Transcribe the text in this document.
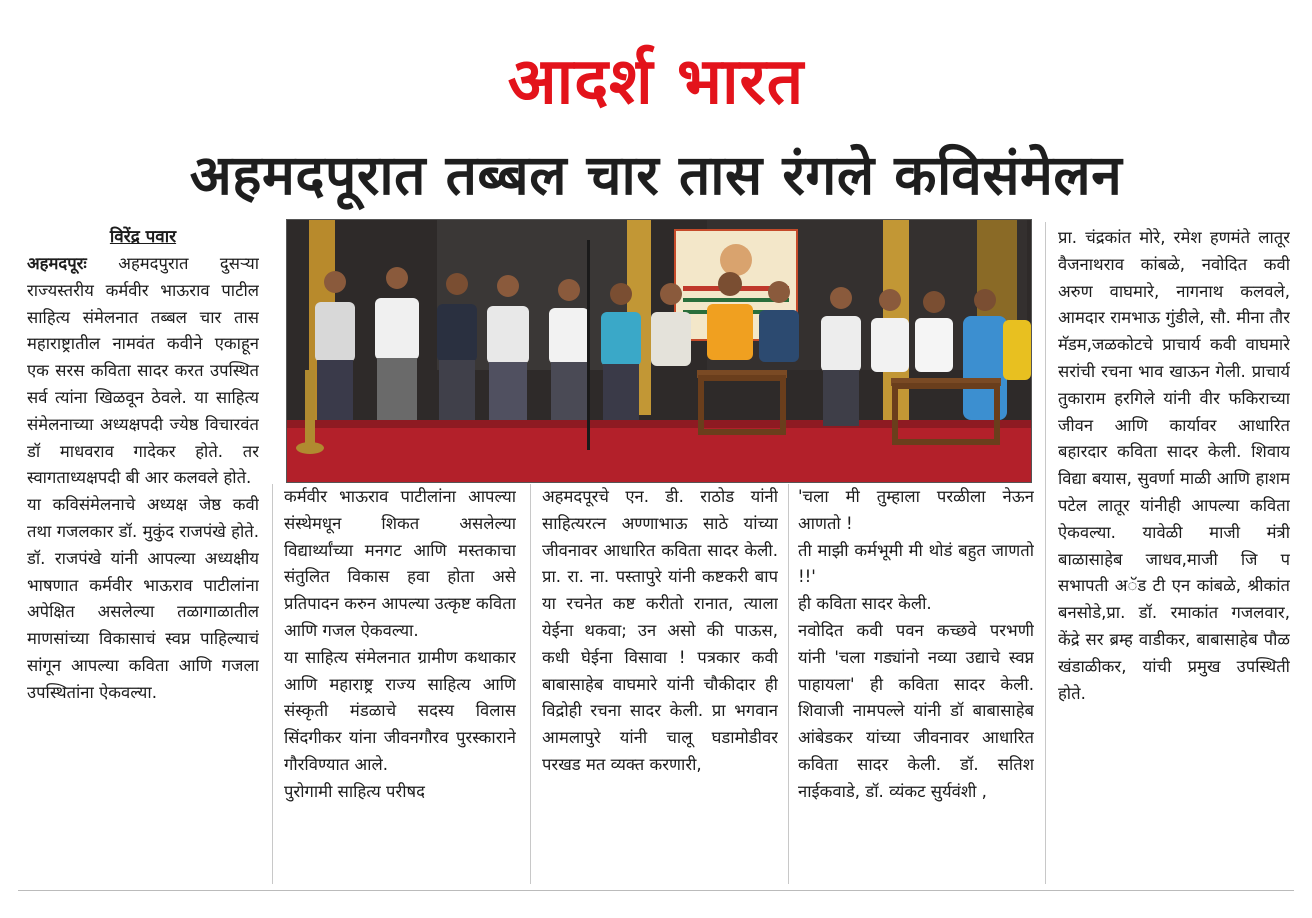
आदर्श भारत
अहमदपूरात तब्बल चार तास रंगले कविसंमेलन

विरेंद्र पवार

अहमदपूरः अहमदपुरात दुसऱ्या राज्यस्तरीय कर्मवीर भाऊराव पाटील साहित्य संमेलनात तब्बल चार तास महाराष्ट्रातील नामवंत कवीने एकाहून एक सरस कविता सादर करत उपस्थित सर्व त्यांना खिळवून ठेवले. या साहित्य संमेलनाच्या अध्यक्षपदी ज्येष्ठ विचारवंत डॉ माधवराव गादेकर होते. तर स्वागताध्यक्षपदी बी आर कलवले होते.

या कविसंमेलनाचे अध्यक्ष जेष्ठ कवी तथा गजलकार डॉ. मुकुंद राजपंखे होते. डॉ. राजपंखे यांनी आपल्या अध्यक्षीय भाषणात कर्मवीर भाऊराव पाटीलांना अपेक्षित असलेल्या तळागाळातील माणसांच्या विकासाचं स्वप्न पाहिल्याचं सांगून आपल्या कविता आणि गजला उपस्थितांना ऐकवल्या.

कर्मवीर भाऊराव पाटीलांना आपल्या संस्थेमधून शिकत असलेल्या विद्यार्थ्यांच्या मनगट आणि मस्तकाचा संतुलित विकास हवा होता असे प्रतिपादन करुन आपल्या उत्कृष्ट कविता आणि गजल ऐकवल्या.

या साहित्य संमेलनात ग्रामीण कथाकार आणि महाराष्ट्र राज्य साहित्य आणि संस्कृती मंडळाचे सदस्य विलास सिंदगीकर यांना जीवनगौरव पुरस्काराने गौरविण्यात आले.

पुरोगामी साहित्य परीषद

अहमदपूरचे एन. डी. राठोड यांनी साहित्यरत्न अण्णाभाऊ साठे यांच्या जीवनावर आधारित कविता सादर केली. प्रा. रा. ना. पस्तापुरे यांनी कष्टकरी बाप या रचनेत कष्ट करीतो रानात, त्याला येईना थकवा; उन असो की पाऊस, कधी घेईना विसावा ! पत्रकार कवी बाबासाहेब वाघमारे यांनी चौकीदार ही विद्रोही रचना सादर केली. प्रा भगवान आमलापुरे यांनी चालू घडामोडीवर परखड मत व्यक्त करणारी,

'चला मी तुम्हाला परळीला नेऊन आणतो !

ती माझी कर्मभूमी मी थोडं बहुत जाणतो !!'

ही कविता सादर केली.

नवोदित कवी पवन कच्छवे परभणी यांनी 'चला गड्यांनो नव्या उद्याचे स्वप्न पाहायला' ही कविता सादर केली. शिवाजी नामपल्ले यांनी डॉ बाबासाहेब आंबेडकर यांच्या जीवनावर आधारित कविता सादर केली. डॉ. सतिश नाईकवाडे, डॉ. व्यंकट सुर्यवंशी ,

प्रा. चंद्रकांत मोरे, रमेश हणमंते लातूर वैजनाथराव कांबळे, नवोदित कवी अरुण वाघमारे, नागनाथ कलवले, आमदार रामभाऊ गुंडीले, सौ. मीना तौर मॅडम,जळकोटचे प्राचार्य कवी वाघमारे सरांची रचना भाव खाऊन गेली. प्राचार्य तुकाराम हरगिले यांनी वीर फकिराच्या जीवन आणि कार्यावर आधारित बहारदार कविता सादर केली. शिवाय विद्या बयास, सुवर्णा माळी आणि हाशम पटेल लातूर यांनीही आपल्या कविता ऐकवल्या. यावेळी माजी मंत्री बाळासाहेब जाधव,माजी जि प सभापती अॅड टी एन कांबळे, श्रीकांत बनसोडे,प्रा. डॉ. रमाकांत गजलवार, केंद्रे सर ब्रम्ह वाडीकर, बाबासाहेब पौळ खंडाळीकर, यांची प्रमुख उपस्थिती होते.
